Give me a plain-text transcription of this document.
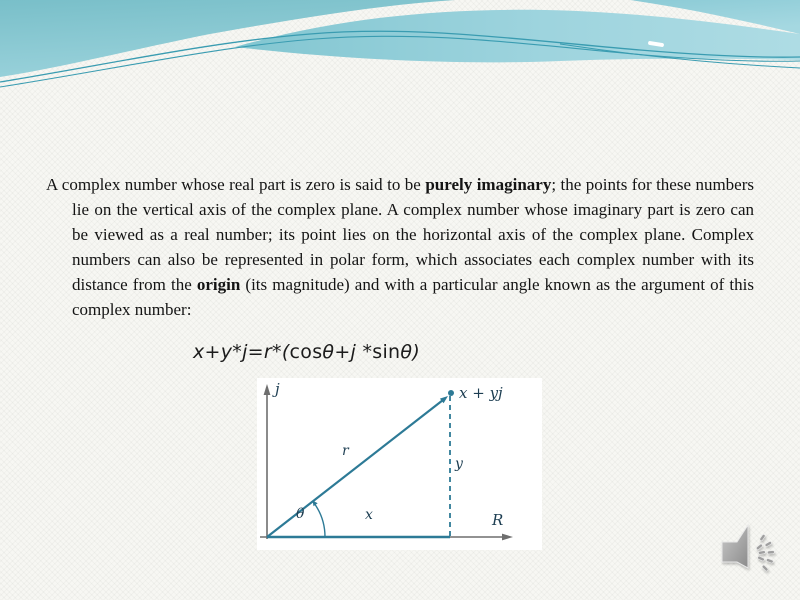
A complex number whose real part is zero is said to be purely imaginary; the points for these numbers lie on the vertical axis of the complex plane. A complex number whose imaginary part is zero can be viewed as a real number; its point lies on the horizontal axis of the complex plane. Complex numbers can also be represented in polar form, which associates each complex number with its distance from the origin (its magnitude) and with a particular angle known as the argument of this complex number:
x+y*j=r*(cosθ+j *sinθ)
j
R
x + yj
r
y
x
θ
